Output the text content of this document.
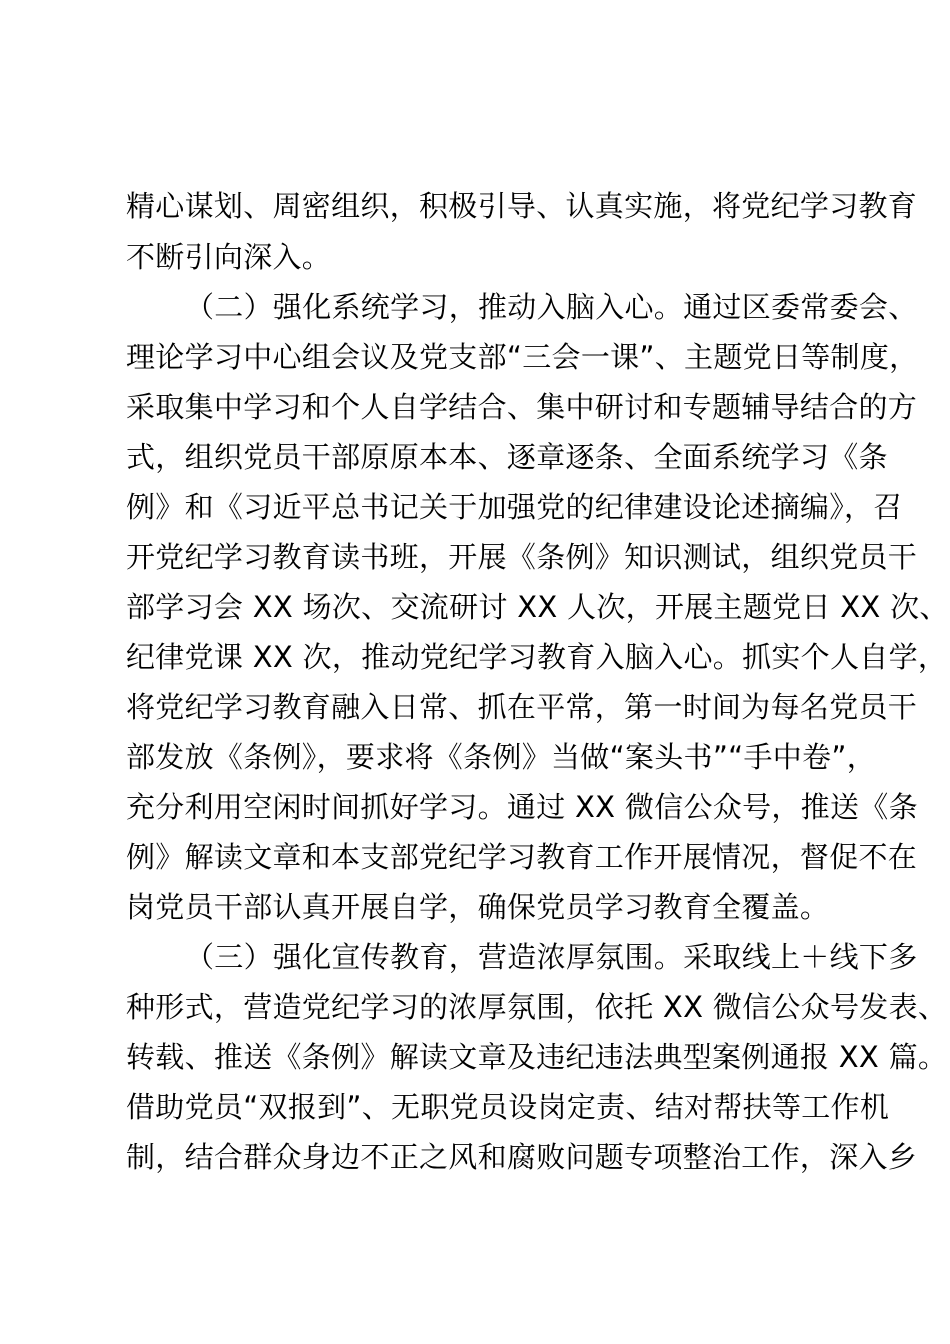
精心谋划、周密组织，积极引导、认真实施，将党纪学习教育
不断引向深入。
（二）强化系统学习，推动入脑入心。通过区委常委会、
理论学习中心组会议及党支部“三会一课”、主题党日等制度，
采取集中学习和个人自学结合、集中研讨和专题辅导结合的方
式，组织党员干部原原本本、逐章逐条、全面系统学习《条
例》和《习近平总书记关于加强党的纪律建设论述摘编》，召
开党纪学习教育读书班，开展《条例》知识测试，组织党员干
部学习会 XX 场次、交流研讨 XX 人次，开展主题党日 XX 次、
纪律党课 XX 次，推动党纪学习教育入脑入心。抓实个人自学，
将党纪学习教育融入日常、抓在平常，第一时间为每名党员干
部发放《条例》，要求将《条例》当做“案头书”“手中卷”，
充分利用空闲时间抓好学习。通过 XX 微信公众号，推送《条
例》解读文章和本支部党纪学习教育工作开展情况，督促不在
岗党员干部认真开展自学，确保党员学习教育全覆盖。
（三）强化宣传教育，营造浓厚氛围。采取线上＋线下多
种形式，营造党纪学习的浓厚氛围，依托 XX 微信公众号发表、
转载、推送《条例》解读文章及违纪违法典型案例通报 XX 篇。
借助党员“双报到”、无职党员设岗定责、结对帮扶等工作机
制，结合群众身边不正之风和腐败问题专项整治工作，深入乡
